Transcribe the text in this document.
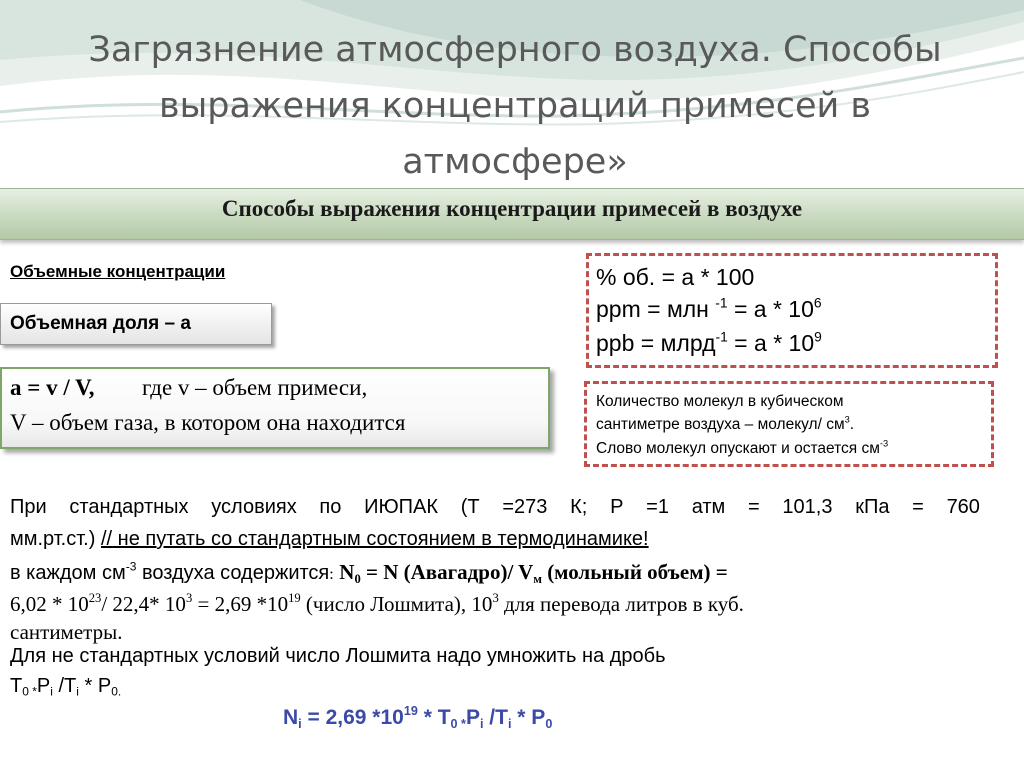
Загрязнение атмосферного воздуха. Способы
выражения концентраций примесей в
атмосфере»
Способы выражения концентрации примесей в воздухе
Объемные концентрации
Объемная доля – а
а = v / V, где v – объем примеси,
V – объем газа, в котором она находится
% об. = а * 100
ppm = млн $^{-1} = а * 10^6$
ppb = млрд$^{-1}$ = а * $10^9$
Количество молекул в кубическом
сантиметре воздуха – молекул/ $см^3$.
Слово молекул опускают и остается $см^{-3}$
При стандартных условиях по ИЮПАК (Т =273 К; Р =1 атм = 101,3 кПа = 760
мм.рт.ст.) // не путать со стандартным состоянием в термодинамике!
в каждом $см^{-3}$ воздуха содержится: $N_0 = N$ (Авагадро)/ $V_м$ (мольный объем) =
$6,02 * 10^{23}/$ 22,4* $10^3 = 2,69$ $*10^{19}$ (число Лошмита), $10^3$ для перевода литров в куб.
сантиметры.
Для не стандартных условий число Лошмита надо умножить на дробь
$Т_{0 *}Р_i$ $/Т_i * Р_{0.}$
$N_i = 2,69$ $*10^{19} * Т_{0 *}Р_i$ $/Т_i * Р_0$
